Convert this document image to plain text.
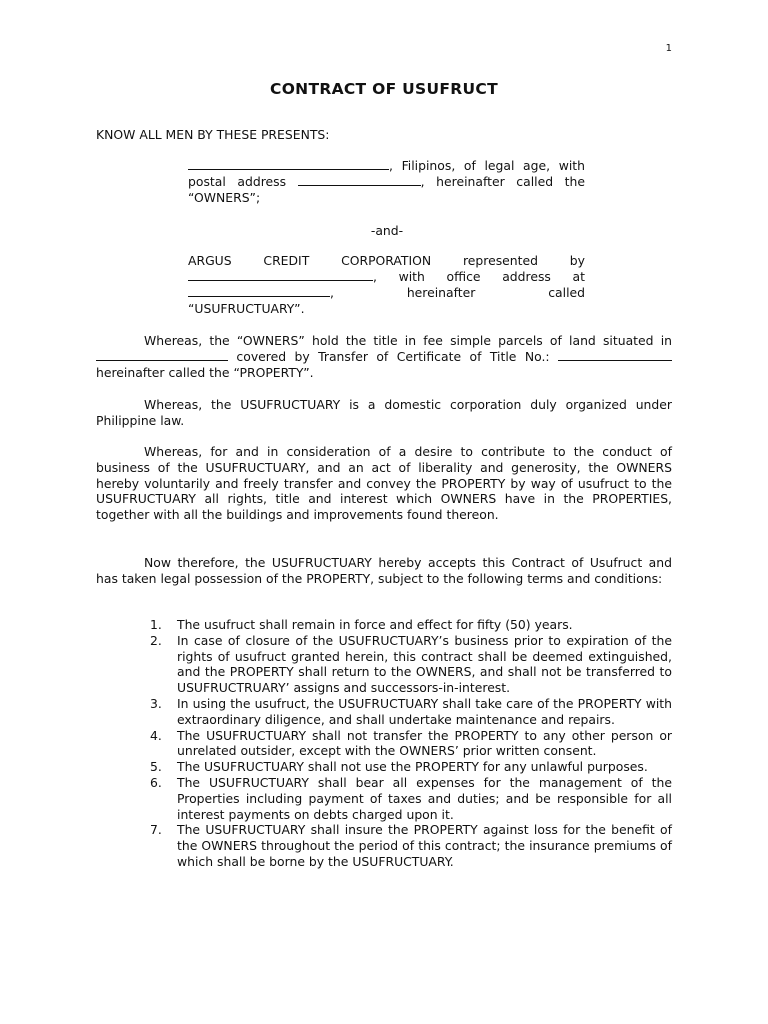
1
CONTRACT OF USUFRUCT
KNOW ALL MEN BY THESE PRESENTS:
, Filipinos, of legal age, with
postal address	, hereinafter called the
“OWNERS”;
-and-
ARGUS CREDIT CORPORATION represented by
, with office address at
, hereinafter called
“USUFRUCTUARY”.
Whereas, the “OWNERS” hold the title in fee simple parcels of land situated in  covered by Transfer of Certificate of Title No.:  hereinafter called the “PROPERTY”.
Whereas, the USUFRUCTUARY is a domestic corporation duly organized under Philippine law.
Whereas, for and in consideration of a desire to contribute to the conduct of business of the USUFRUCTUARY, and an act of liberality and generosity, the OWNERS hereby voluntarily and freely transfer and convey the PROPERTY by way of usufruct to the USUFRUCTUARY all rights, title and interest which OWNERS have in the PROPERTIES, together with all the buildings and improvements found thereon.
Now therefore, the USUFRUCTUARY hereby accepts this Contract of Usufruct and has taken legal possession of the PROPERTY, subject to the following terms and conditions:
1. The usufruct shall remain in force and effect for fifty (50) years.
2. In case of closure of the USUFRUCTUARY’s business prior to expiration of the rights of usufruct granted herein, this contract shall be deemed extinguished, and the PROPERTY shall return to the OWNERS, and shall not be transferred to USUFRUCTRUARY’ assigns and successors-in-interest.
3. In using the usufruct, the USUFRUCTUARY shall take care of the PROPERTY with extraordinary diligence, and shall undertake maintenance and repairs.
4. The USUFRUCTUARY shall not transfer the PROPERTY to any other person or unrelated outsider, except with the OWNERS’ prior written consent.
5. The USUFRUCTUARY shall not use the PROPERTY for any unlawful purposes.
6. The USUFRUCTUARY shall bear all expenses for the management of the Properties including payment of taxes and duties; and be responsible for all interest payments on debts charged upon it.
7. The USUFRUCTUARY shall insure the PROPERTY against loss for the benefit of the OWNERS throughout the period of this contract; the insurance premiums of which shall be borne by the USUFRUCTUARY.
